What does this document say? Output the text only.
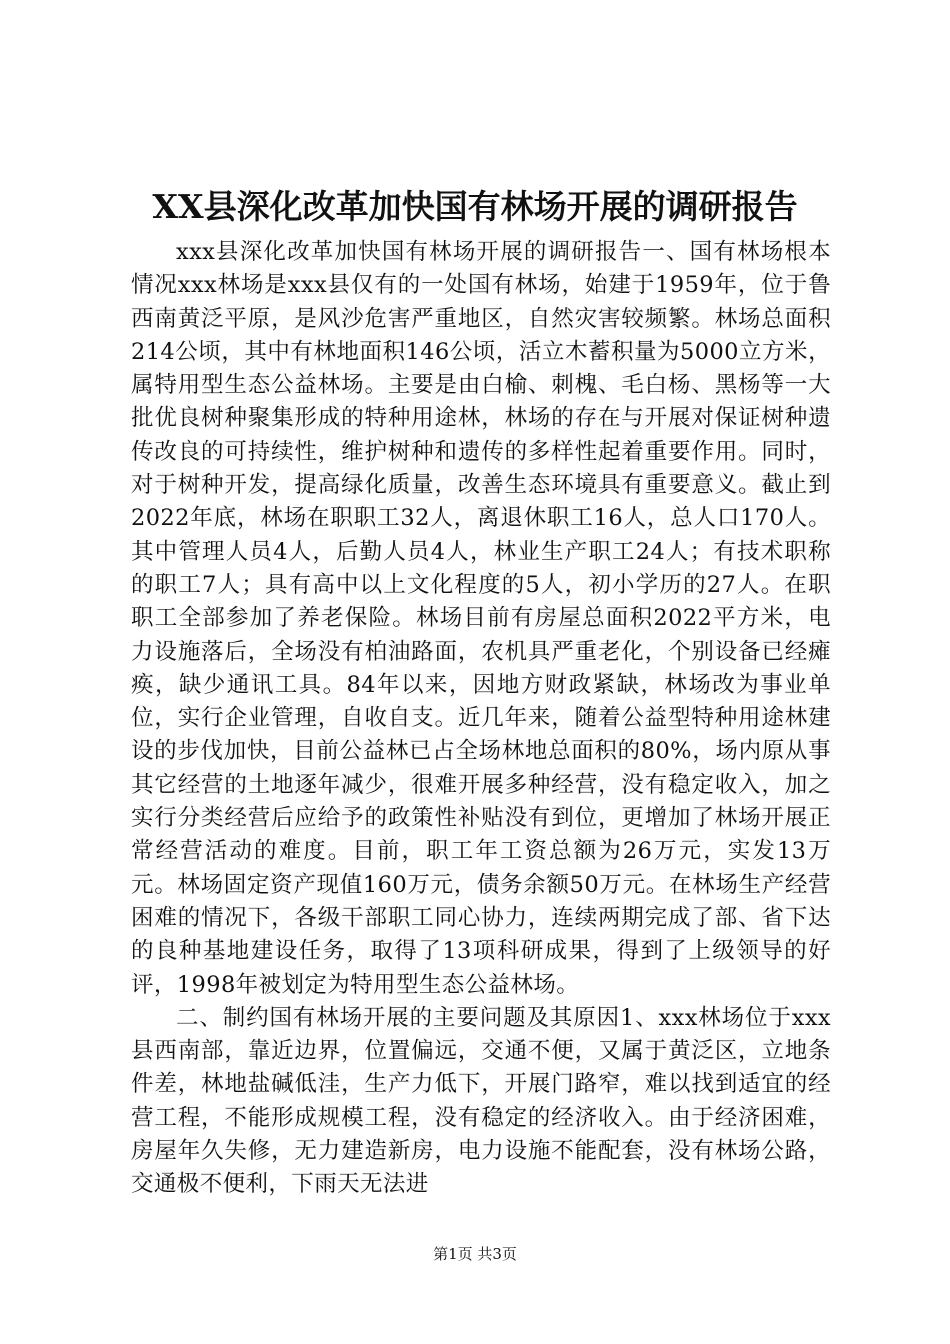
XX县深化改革加快国有林场开展的调研报告

xxx县深化改革加快国有林场开展的调研报告一、国有林场根本情况xxx林场是xxx县仅有的一处国有林场，始建于1959年，位于鲁西南黄泛平原，是风沙危害严重地区，自然灾害较频繁。林场总面积214公顷，其中有林地面积146公顷，活立木蓄积量为5000立方米，属特用型生态公益林场。主要是由白榆、刺槐、毛白杨、黑杨等一大批优良树种聚集形成的特种用途林，林场的存在与开展对保证树种遗传改良的可持续性，维护树种和遗传的多样性起着重要作用。同时，对于树种开发，提高绿化质量，改善生态环境具有重要意义。截止到2022年底，林场在职职工32人，离退休职工16人，总人口170人。其中管理人员4人，后勤人员4人，林业生产职工24人；有技术职称的职工7人；具有高中以上文化程度的5人，初小学历的27人。在职职工全部参加了养老保险。林场目前有房屋总面积2022平方米，电力设施落后，全场没有柏油路面，农机具严重老化，个别设备已经瘫痪，缺少通讯工具。84年以来，因地方财政紧缺，林场改为事业单位，实行企业管理，自收自支。近几年来，随着公益型特种用途林建设的步伐加快，目前公益林已占全场林地总面积的80%，场内原从事其它经营的土地逐年减少，很难开展多种经营，没有稳定收入，加之实行分类经营后应给予的政策性补贴没有到位，更增加了林场开展正常经营活动的难度。目前，职工年工资总额为26万元，实发13万元。林场固定资产现值160万元，债务余额50万元。在林场生产经营困难的情况下，各级干部职工同心协力，连续两期完成了部、省下达的良种基地建设任务，取得了13项科研成果，得到了上级领导的好评，1998年被划定为特用型生态公益林场。

二、制约国有林场开展的主要问题及其原因1、xxx林场位于xxx县西南部，靠近边界，位置偏远，交通不便，又属于黄泛区，立地条件差，林地盐碱低洼，生产力低下，开展门路窄，难以找到适宜的经营工程，不能形成规模工程，没有稳定的经济收入。由于经济困难，房屋年久失修，无力建造新房，电力设施不能配套，没有林场公路，交通极不便利，下雨天无法进

第1页 共3页
